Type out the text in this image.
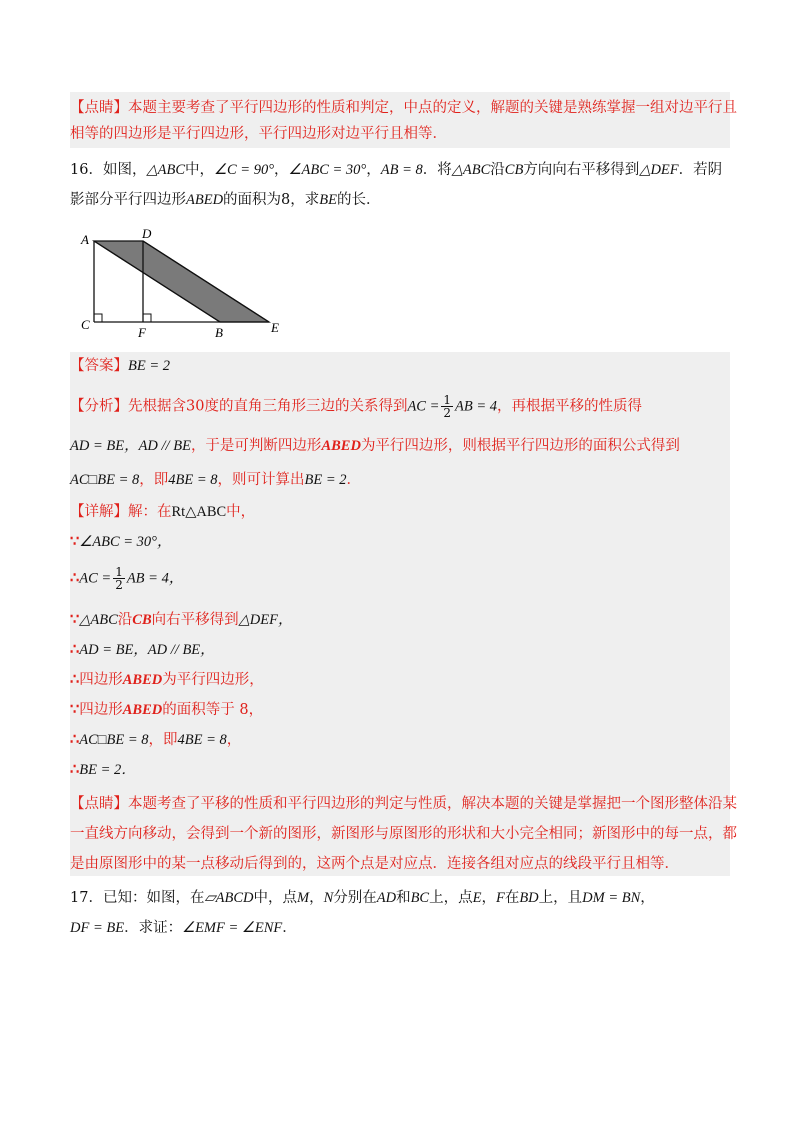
【点睛】本题主要考查了平行四边形的性质和判定，中点的定义，解题的关键是熟练掌握一组对边平行且
相等的四边形是平行四边形，平行四边形对边平行且相等．
16．如图，△ABC中，∠C = 90°，∠ABC = 30°，AB = 8．将△ABC沿CB方向向右平移得到△DEF．若阴
影部分平行四边形ABED的面积为8，求BE的长．
A	D
C
F	B	E
【答案】BE = 2
【分析】先根据含30度的直角三角形三边的关系得到AC = $\frac{1}{2}$ AB = 4，再根据平移的性质得
AD = BE，AD // BE，于是可判断四边形ABED为平行四边形，则根据平行四边形的面积公式得到
AC□BE = 8，即4BE = 8，则可计算出BE = 2．
【详解】解：在Rt△ABC中，
∵∠ABC = 30°，
∴AC = $\frac{1}{2}$ AB = 4，
∵△ABC沿CB向右平移得到△DEF，
∴AD = BE，AD // BE，
∴四边形ABED为平行四边形，
∵四边形ABED的面积等于 8，
∴AC□BE = 8，即4BE = 8，
∴BE = 2．
【点睛】本题考查了平移的性质和平行四边形的判定与性质，解决本题的关键是掌握把一个图形整体沿某
一直线方向移动，会得到一个新的图形，新图形与原图形的形状和大小完全相同；新图形中的每一点，都
是由原图形中的某一点移动后得到的，这两个点是对应点．连接各组对应点的线段平行且相等．
17．已知：如图，在▱ABCD中，点M，N分别在AD和BC上，点E，F在BD上，且DM = BN，
DF = BE．求证：∠EMF = ∠ENF．
